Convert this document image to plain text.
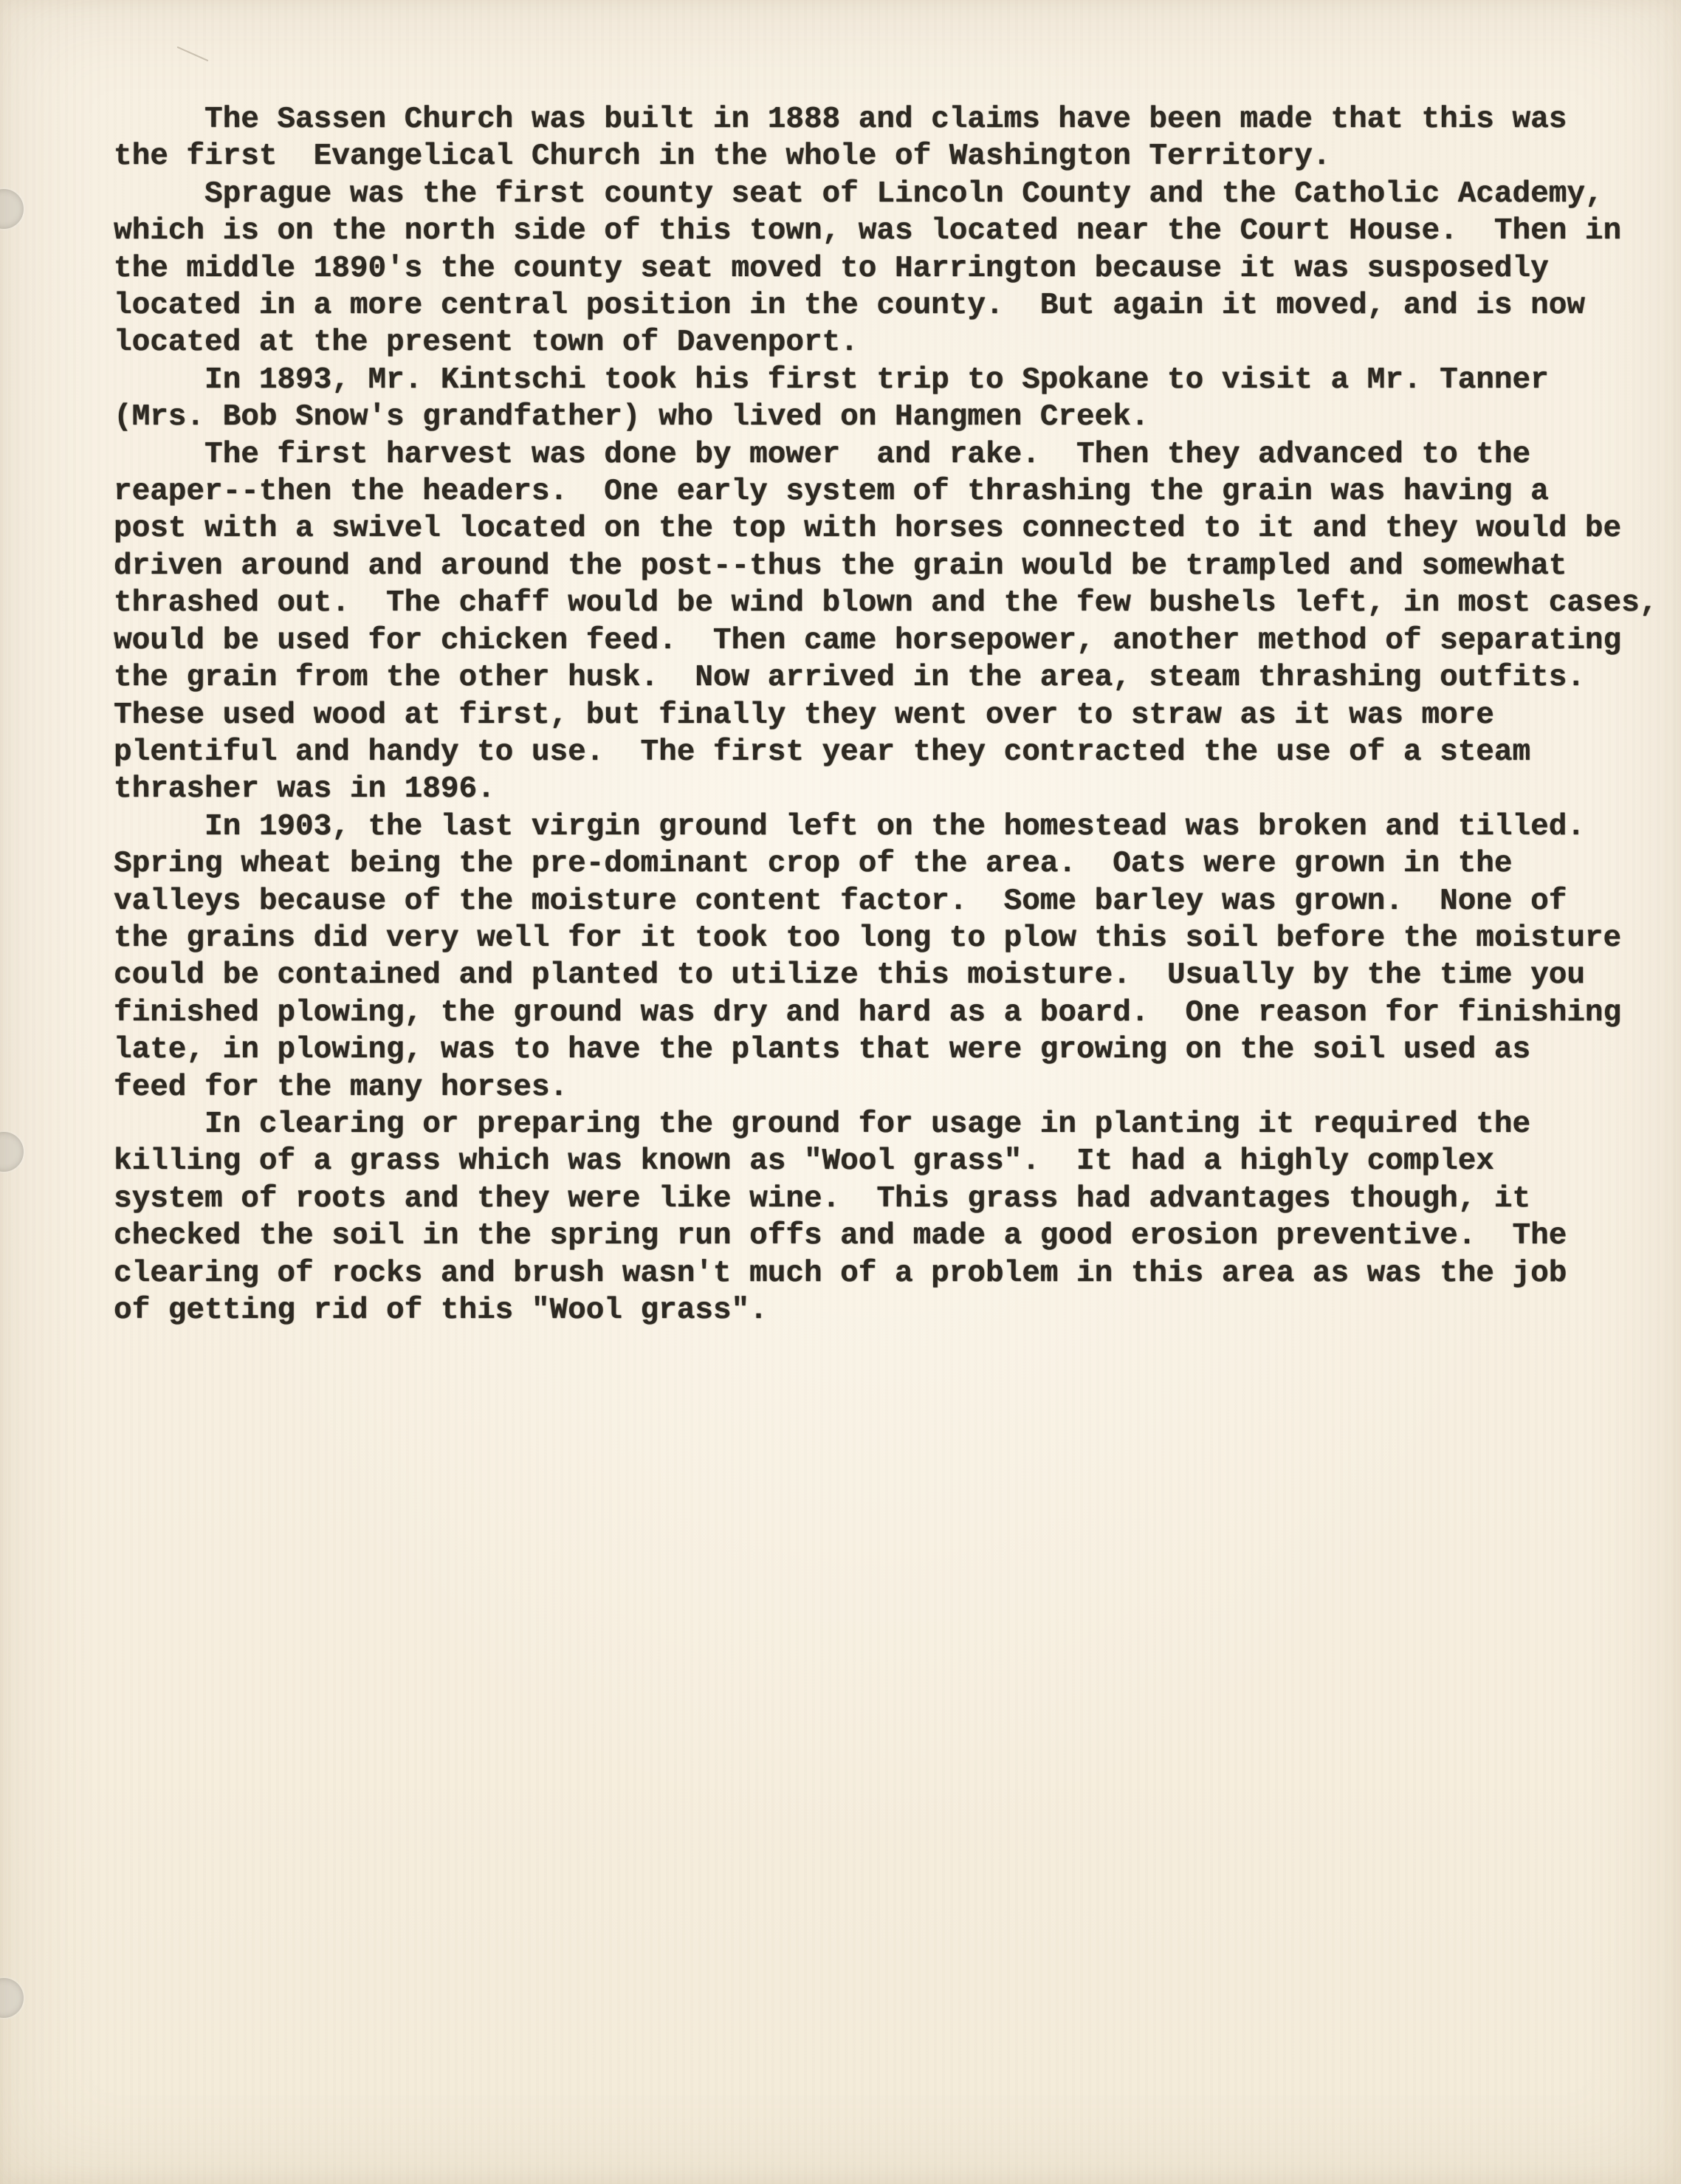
The Sassen Church was built in 1888 and claims have been made that this was
the first  Evangelical Church in the whole of Washington Territory.
Sprague was the first county seat of Lincoln County and the Catholic Academy,
which is on the north side of this town, was located near the Court House.  Then in
the middle 1890's the county seat moved to Harrington because it was susposedly
located in a more central position in the county.  But again it moved, and is now
located at the present town of Davenport.
In 1893, Mr. Kintschi took his first trip to Spokane to visit a Mr. Tanner
(Mrs. Bob Snow's grandfather) who lived on Hangmen Creek.
The first harvest was done by mower  and rake.  Then they advanced to the
reaper--then the headers.  One early system of thrashing the grain was having a
post with a swivel located on the top with horses connected to it and they would be
driven around and around the post--thus the grain would be trampled and somewhat
thrashed out.  The chaff would be wind blown and the few bushels left, in most cases,
would be used for chicken feed.  Then came horsepower, another method of separating
the grain from the other husk.  Now arrived in the area, steam thrashing outfits.
These used wood at first, but finally they went over to straw as it was more
plentiful and handy to use.  The first year they contracted the use of a steam
thrasher was in 1896.
In 1903, the last virgin ground left on the homestead was broken and tilled.
Spring wheat being the pre-dominant crop of the area.  Oats were grown in the
valleys because of the moisture content factor.  Some barley was grown.  None of
the grains did very well for it took too long to plow this soil before the moisture
could be contained and planted to utilize this moisture.  Usually by the time you
finished plowing, the ground was dry and hard as a board.  One reason for finishing
late, in plowing, was to have the plants that were growing on the soil used as
feed for the many horses.
In clearing or preparing the ground for usage in planting it required the
killing of a grass which was known as "Wool grass".  It had a highly complex
system of roots and they were like wine.  This grass had advantages though, it
checked the soil in the spring run offs and made a good erosion preventive.  The
clearing of rocks and brush wasn't much of a problem in this area as was the job
of getting rid of this "Wool grass".
